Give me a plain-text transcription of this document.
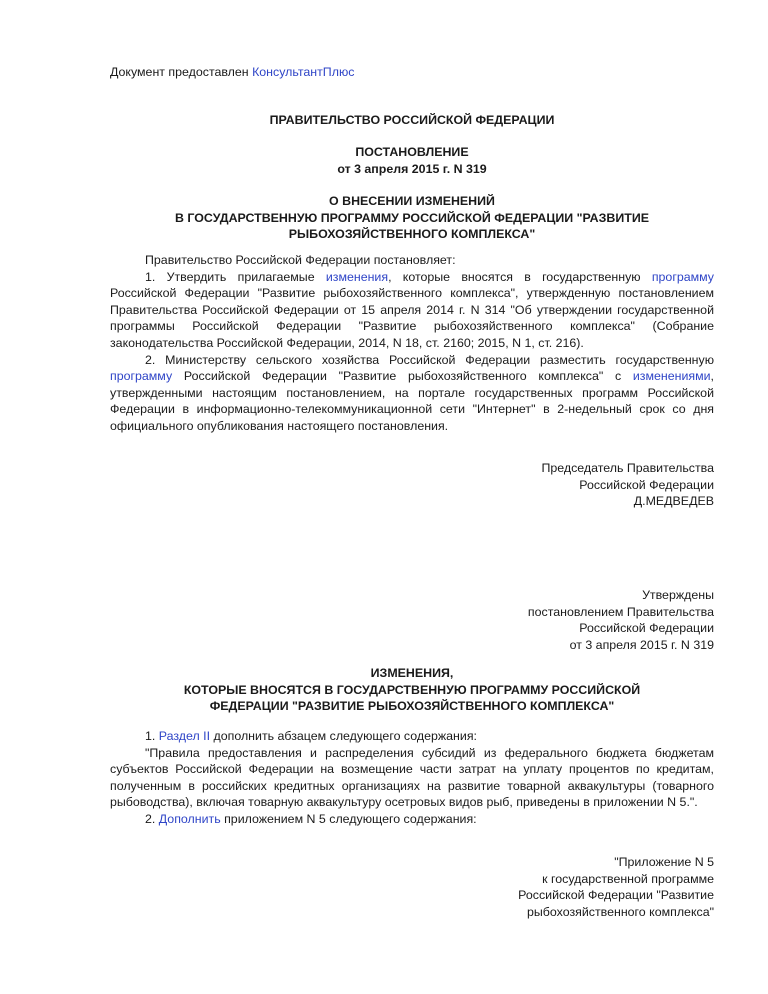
Документ предоставлен КонсультантПлюс
ПРАВИТЕЛЬСТВО РОССИЙСКОЙ ФЕДЕРАЦИИ
ПОСТАНОВЛЕНИЕ
от 3 апреля 2015 г. N 319
О ВНЕСЕНИИ ИЗМЕНЕНИЙ
В ГОСУДАРСТВЕННУЮ ПРОГРАММУ РОССИЙСКОЙ ФЕДЕРАЦИИ "РАЗВИТИЕ
РЫБОХОЗЯЙСТВЕННОГО КОМПЛЕКСА"

Правительство Российской Федерации постановляет:

1. Утвердить прилагаемые изменения, которые вносятся в государственную программу Российской Федерации "Развитие рыбохозяйственного комплекса", утвержденную постановлением Правительства Российской Федерации от 15 апреля 2014 г. N 314 "Об утверждении государственной программы Российской Федерации "Развитие рыбохозяйственного комплекса" (Собрание законодательства Российской Федерации, 2014, N 18, ст. 2160; 2015, N 1, ст. 216).

2. Министерству сельского хозяйства Российской Федерации разместить государственную программу Российской Федерации "Развитие рыбохозяйственного комплекса" с изменениями, утвержденными настоящим постановлением, на портале государственных программ Российской Федерации в информационно-телекоммуникационной сети "Интернет" в 2-недельный срок со дня официального опубликования настоящего постановления.

Председатель Правительства
Российской Федерации
Д.МЕДВЕДЕВ
Утверждены
постановлением Правительства
Российской Федерации
от 3 апреля 2015 г. N 319
ИЗМЕНЕНИЯ,
КОТОРЫЕ ВНОСЯТСЯ В ГОСУДАРСТВЕННУЮ ПРОГРАММУ РОССИЙСКОЙ
ФЕДЕРАЦИИ "РАЗВИТИЕ РЫБОХОЗЯЙСТВЕННОГО КОМПЛЕКСА"

1. Раздел II дополнить абзацем следующего содержания:

"Правила предоставления и распределения субсидий из федерального бюджета бюджетам субъектов Российской Федерации на возмещение части затрат на уплату процентов по кредитам, полученным в российских кредитных организациях на развитие товарной аквакультуры (товарного рыбоводства), включая товарную аквакультуру осетровых видов рыб, приведены в приложении N 5.".

2. Дополнить приложением N 5 следующего содержания:

"Приложение N 5
к государственной программе
Российской Федерации "Развитие
рыбохозяйственного комплекса"
